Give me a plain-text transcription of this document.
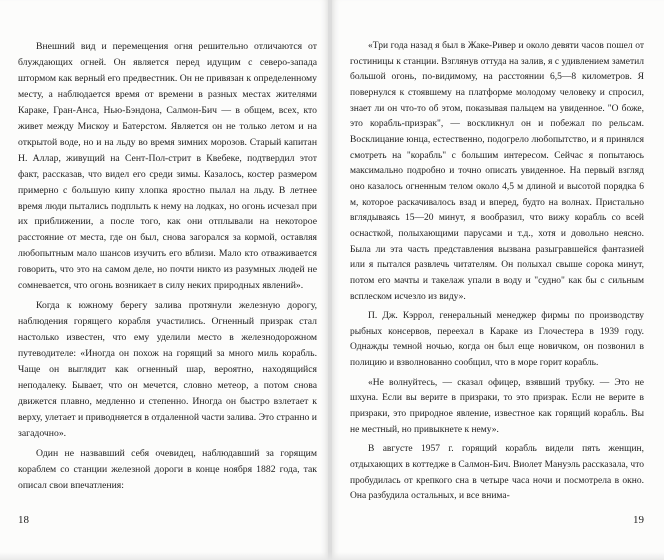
Внешний вид и перемещения огня решительно отличаются от блуждающих огней. Он является перед идущим с северо-запада штормом как верный его предвестник. Он не привязан к определенному месту, а наблюдается время от времени в разных местах жителями Караке, Гран-Анса, Нью-Бэндона, Салмон-Бич — в общем, всех, кто живет между Мискоу и Батерстом. Является он не только летом и на открытой воде, но и на льду во время зимних морозов. Старый капитан Н. Аллар, живущий на Сент-Пол-стрит в Квебеке, подтвердил этот факт, рассказав, что видел его среди зимы. Казалось, костер размером примерно с большую кипу хлопка яростно пылал на льду. В летнее время люди пытались подплыть к нему на лодках, но огонь исчезал при их приближении, а после того, как они отплывали на некоторое расстояние от места, где он был, снова загорался за кормой, оставляя любопытным мало шансов изучить его вблизи. Мало кто отваживается говорить, что это на самом деле, но почти никто из разумных людей не сомневается, что огонь возникает в силу неких природных явлений».

Когда к южному берегу залива протянули железную дорогу, наблюдения горящего корабля участились. Огненный призрак стал настолько известен, что ему уделили место в железнодорожном путеводителе: «Иногда он похож на горящий за много миль корабль. Чаще он выглядит как огненный шар, вероятно, находящийся неподалеку. Бывает, что он мечется, словно метеор, а потом снова движется плавно, медленно и степенно. Иногда он быстро взлетает к верху, улетает и приводняется в отдаленной части залива. Это странно и загадочно».

Один не назвавший себя очевидец, наблюдавший за горящим кораблем со станции железной дороги в конце ноября 1882 года, так описал свои впечатления:

18

«Три года назад я был в Жаке-Ривер и около девяти часов пошел от гостиницы к станции. Взглянув оттуда на залив, я с удивлением заметил большой огонь, по-видимому, на расстоянии 6,5—8 километров. Я повернулся к стоявшему на платформе молодому человеку и спросил, знает ли он что-то об этом, показывая пальцем на увиденное. "О боже, это корабль-призрак", — воскликнул он и побежал по рельсам. Восклицание юнца, естественно, подогрело любопытство, и я принялся смотреть на "корабль" с большим интересом. Сейчас я попытаюсь максимально подробно и точно описать увиденное. На первый взгляд оно казалось огненным телом около 4,5 м длиной и высотой порядка 6 м, которое раскачивалось взад и вперед, будто на волнах. Пристально вглядываясь 15—20 минут, я вообразил, что вижу корабль со всей оснасткой, полыхающими парусами и т.д., хотя и довольно неясно. Была ли эта часть представления вызвана разыгравшейся фантазией или я пытался развлечь читателям. Он полыхал свыше сорока минут, потом его мачты и такелаж упали в воду и "судно" как бы с сильным всплеском исчезло из виду».

П. Дж. Кэррол, генеральный менеджер фирмы по производству рыбных консервов, переехал в Караке из Глочестера в 1939 году. Однажды темной ночью, когда он был еще новичком, он позвонил в полицию и взволнованно сообщил, что в море горит корабль.

«Не волнуйтесь, — сказал офицер, взявший трубку. — Это не шхуна. Если вы верите в призраки, то это призрак. Если не верите в призраки, это природное явление, известное как горящий корабль. Вы не местный, но привыкнете к нему».

В августе 1957 г. горящий корабль видели пять женщин, отдыхающих в коттедже в Салмон-Бич. Виолет Мануэль рассказала, что пробудилась от крепкого сна в четыре часа ночи и посмотрела в окно. Она разбудила остальных, и все внима-

19
